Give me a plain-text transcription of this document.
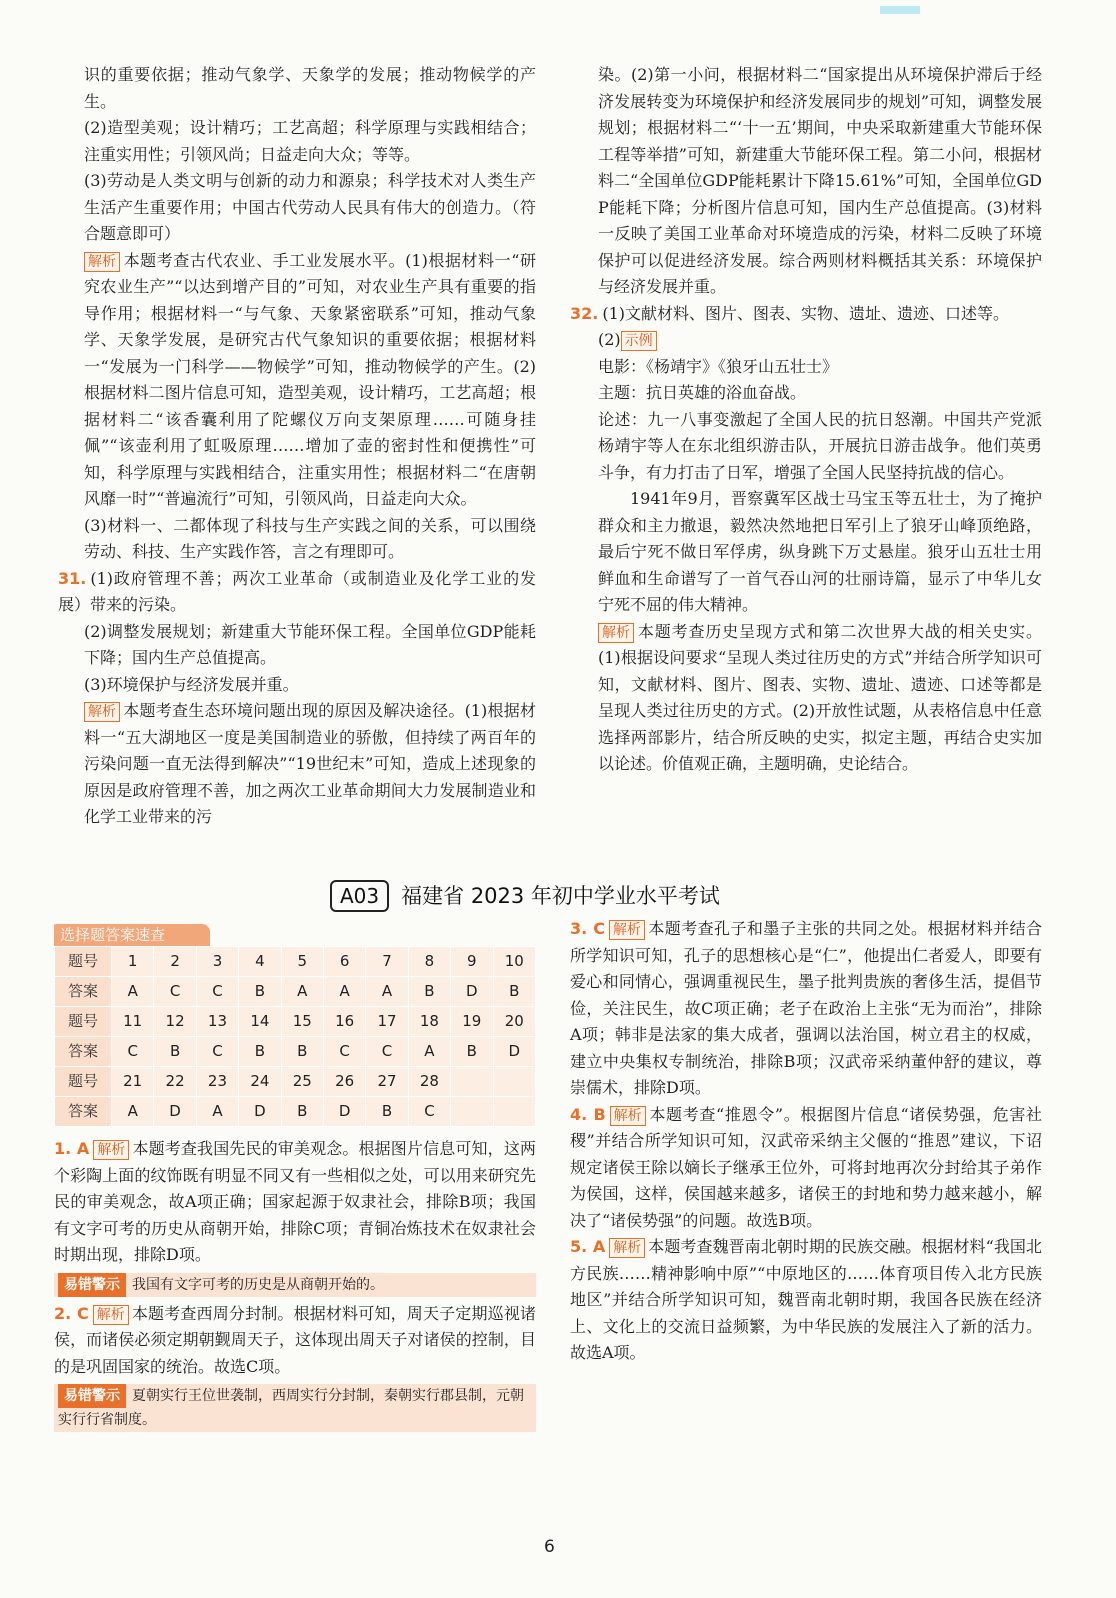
识的重要依据；推动气象学、天象学的发展；推动物候学的产生。

(2)造型美观；设计精巧；工艺高超；科学原理与实践相结合；注重实用性；引领风尚；日益走向大众；等等。

(3)劳动是人类文明与创新的动力和源泉；科学技术对人类生产生活产生重要作用；中国古代劳动人民具有伟大的创造力。（符合题意即可）

解析 本题考查古代农业、手工业发展水平。(1)根据材料一“研究农业生产”“以达到增产目的”可知，对农业生产具有重要的指导作用；根据材料一“与气象、天象紧密联系”可知，推动气象学、天象学发展，是研究古代气象知识的重要依据；根据材料一“发展为一门科学——物候学”可知，推动物候学的产生。(2)根据材料二图片信息可知，造型美观，设计精巧，工艺高超；根据材料二“该香囊利用了陀螺仪万向支架原理……可随身挂佩”“该壶利用了虹吸原理……增加了壶的密封性和便携性”可知，科学原理与实践相结合，注重实用性；根据材料二“在唐朝风靡一时”“普遍流行”可知，引领风尚，日益走向大众。

(3)材料一、二都体现了科技与生产实践之间的关系，可以围绕劳动、科技、生产实践作答，言之有理即可。

31. (1)政府管理不善；两次工业革命（或制造业及化学工业的发展）带来的污染。

(2)调整发展规划；新建重大节能环保工程。全国单位GDP能耗下降；国内生产总值提高。

(3)环境保护与经济发展并重。

解析 本题考查生态环境问题出现的原因及解决途径。(1)根据材料一“五大湖地区一度是美国制造业的骄傲，但持续了两百年的污染问题一直无法得到解决”“19世纪末”可知，造成上述现象的原因是政府管理不善，加之两次工业革命期间大力发展制造业和化学工业带来的污

染。(2)第一小问，根据材料二“国家提出从环境保护滞后于经济发展转变为环境保护和经济发展同步的规划”可知，调整发展规划；根据材料二“‘十一五’期间，中央采取新建重大节能环保工程等举措”可知，新建重大节能环保工程。第二小问，根据材料二“全国单位GDP能耗累计下降15.61%”可知，全国单位GDP能耗下降；分析图片信息可知，国内生产总值提高。(3)材料一反映了美国工业革命对环境造成的污染，材料二反映了环境保护可以促进经济发展。综合两则材料概括其关系：环境保护与经济发展并重。

32. (1)文献材料、图片、图表、实物、遗址、遗迹、口述等。

(2) 示例

电影：《杨靖宇》《狼牙山五壮士》

主题：抗日英雄的浴血奋战。

论述：九一八事变激起了全国人民的抗日怒潮。中国共产党派杨靖宇等人在东北组织游击队，开展抗日游击战争。他们英勇斗争，有力打击了日军，增强了全国人民坚持抗战的信心。

1941年9月，晋察冀军区战士马宝玉等五壮士，为了掩护群众和主力撤退，毅然决然地把日军引上了狼牙山峰顶绝路，最后宁死不做日军俘虏，纵身跳下万丈悬崖。狼牙山五壮士用鲜血和生命谱写了一首气吞山河的壮丽诗篇，显示了中华儿女宁死不屈的伟大精神。

解析 本题考查历史呈现方式和第二次世界大战的相关史实。(1)根据设问要求“呈现人类过往历史的方式”并结合所学知识可知，文献材料、图片、图表、实物、遗址、遗迹、口述等都是呈现人类过往历史的方式。(2)开放性试题，从表格信息中任意选择两部影片，结合所反映的史实，拟定主题，再结合史实加以论述。价值观正确，主题明确，史论结合。

A03	福建省 2023 年初中学业水平考试
选择题答案速查
题号	1	2	3	4	5	6	7	8	9	10
答案	A	C	C	B	A	A	A	B	D	B
题号	11	12	13	14	15	16	17	18	19	20
答案	C	B	C	B	B	C	C	A	B	D
题号	21	22	23	24	25	26	27	28		
答案	A	D	A	D	B	D	B	C		

1. A 解析 本题考查我国先民的审美观念。根据图片信息可知，这两个彩陶上面的纹饰既有明显不同又有一些相似之处，可以用来研究先民的审美观念，故A项正确；国家起源于奴隶社会，排除B项；我国有文字可考的历史从商朝开始，排除C项；青铜冶炼技术在奴隶社会时期出现，排除D项。

易错警示 我国有文字可考的历史是从商朝开始的。

2. C 解析 本题考查西周分封制。根据材料可知，周天子定期巡视诸侯，而诸侯必须定期朝觐周天子，这体现出周天子对诸侯的控制，目的是巩固国家的统治。故选C项。

易错警示 夏朝实行王位世袭制，西周实行分封制，秦朝实行郡县制，元朝实行行省制度。

3. C 解析 本题考查孔子和墨子主张的共同之处。根据材料并结合所学知识可知，孔子的思想核心是“仁”，他提出仁者爱人，即要有爱心和同情心，强调重视民生，墨子批判贵族的奢侈生活，提倡节俭，关注民生，故C项正确；老子在政治上主张“无为而治”，排除A项；韩非是法家的集大成者，强调以法治国，树立君主的权威，建立中央集权专制统治，排除B项；汉武帝采纳董仲舒的建议，尊崇儒术，排除D项。

4. B 解析 本题考查“推恩令”。根据图片信息“诸侯势强，危害社稷”并结合所学知识可知，汉武帝采纳主父偃的“推恩”建议，下诏规定诸侯王除以嫡长子继承王位外，可将封地再次分封给其子弟作为侯国，这样，侯国越来越多，诸侯王的封地和势力越来越小，解决了“诸侯势强”的问题。故选B项。

5. A 解析 本题考查魏晋南北朝时期的民族交融。根据材料“我国北方民族……精神影响中原”“中原地区的……体育项目传入北方民族地区”并结合所学知识可知，魏晋南北朝时期，我国各民族在经济上、文化上的交流日益频繁，为中华民族的发展注入了新的活力。故选A项。

6
